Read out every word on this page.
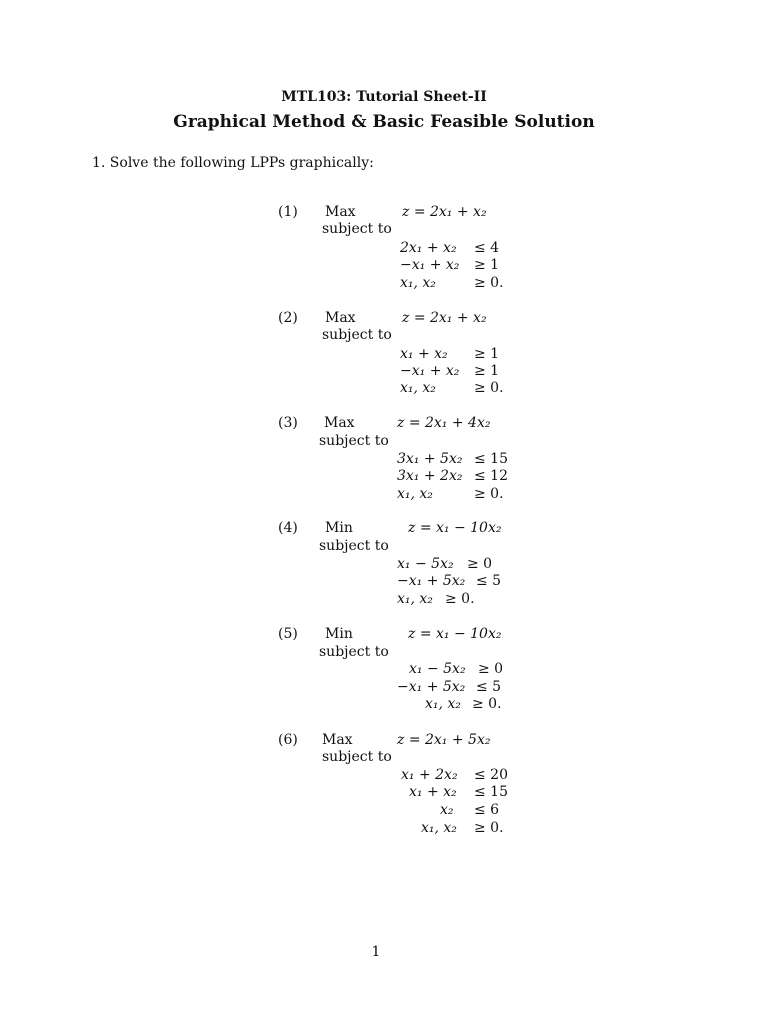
MTL103: Tutorial Sheet-II
Graphical Method & Basic Feasible Solution
1. Solve the following LPPs graphically:
(1) Max	z = 2x₁ + x₂
subject to
2x₁ + x₂ ≤ 4
−x₁ + x₂ ≥ 1
x₁, x₂	≥ 0.
(2) Max	z = 2x₁ + x₂
subject to
x₁ + x₂ ≥ 1
−x₁ + x₂ ≥ 1
x₁, x₂	≥ 0.
(3) Max	z = 2x₁ + 4x₂
subject to
3x₁ + 5x₂ ≤ 15
3x₁ + 2x₂ ≤ 12
x₁, x₂	≥ 0.
(4) Min	z = x₁ − 10x₂
subject to
x₁ − 5x₂ ≥ 0
−x₁ + 5x₂ ≤ 5
x₁, x₂ ≥ 0.
(5) Min	z = x₁ − 10x₂
subject to
x₁ − 5x₂ ≥ 0
−x₁ + 5x₂ ≤ 5
x₁, x₂ ≥ 0.
(6) Max	z = 2x₁ + 5x₂
subject to
x₁ + 2x₂ ≤ 20
x₁ + x₂ ≤ 15
x₂ ≤ 6
x₁, x₂ ≥ 0.
1
